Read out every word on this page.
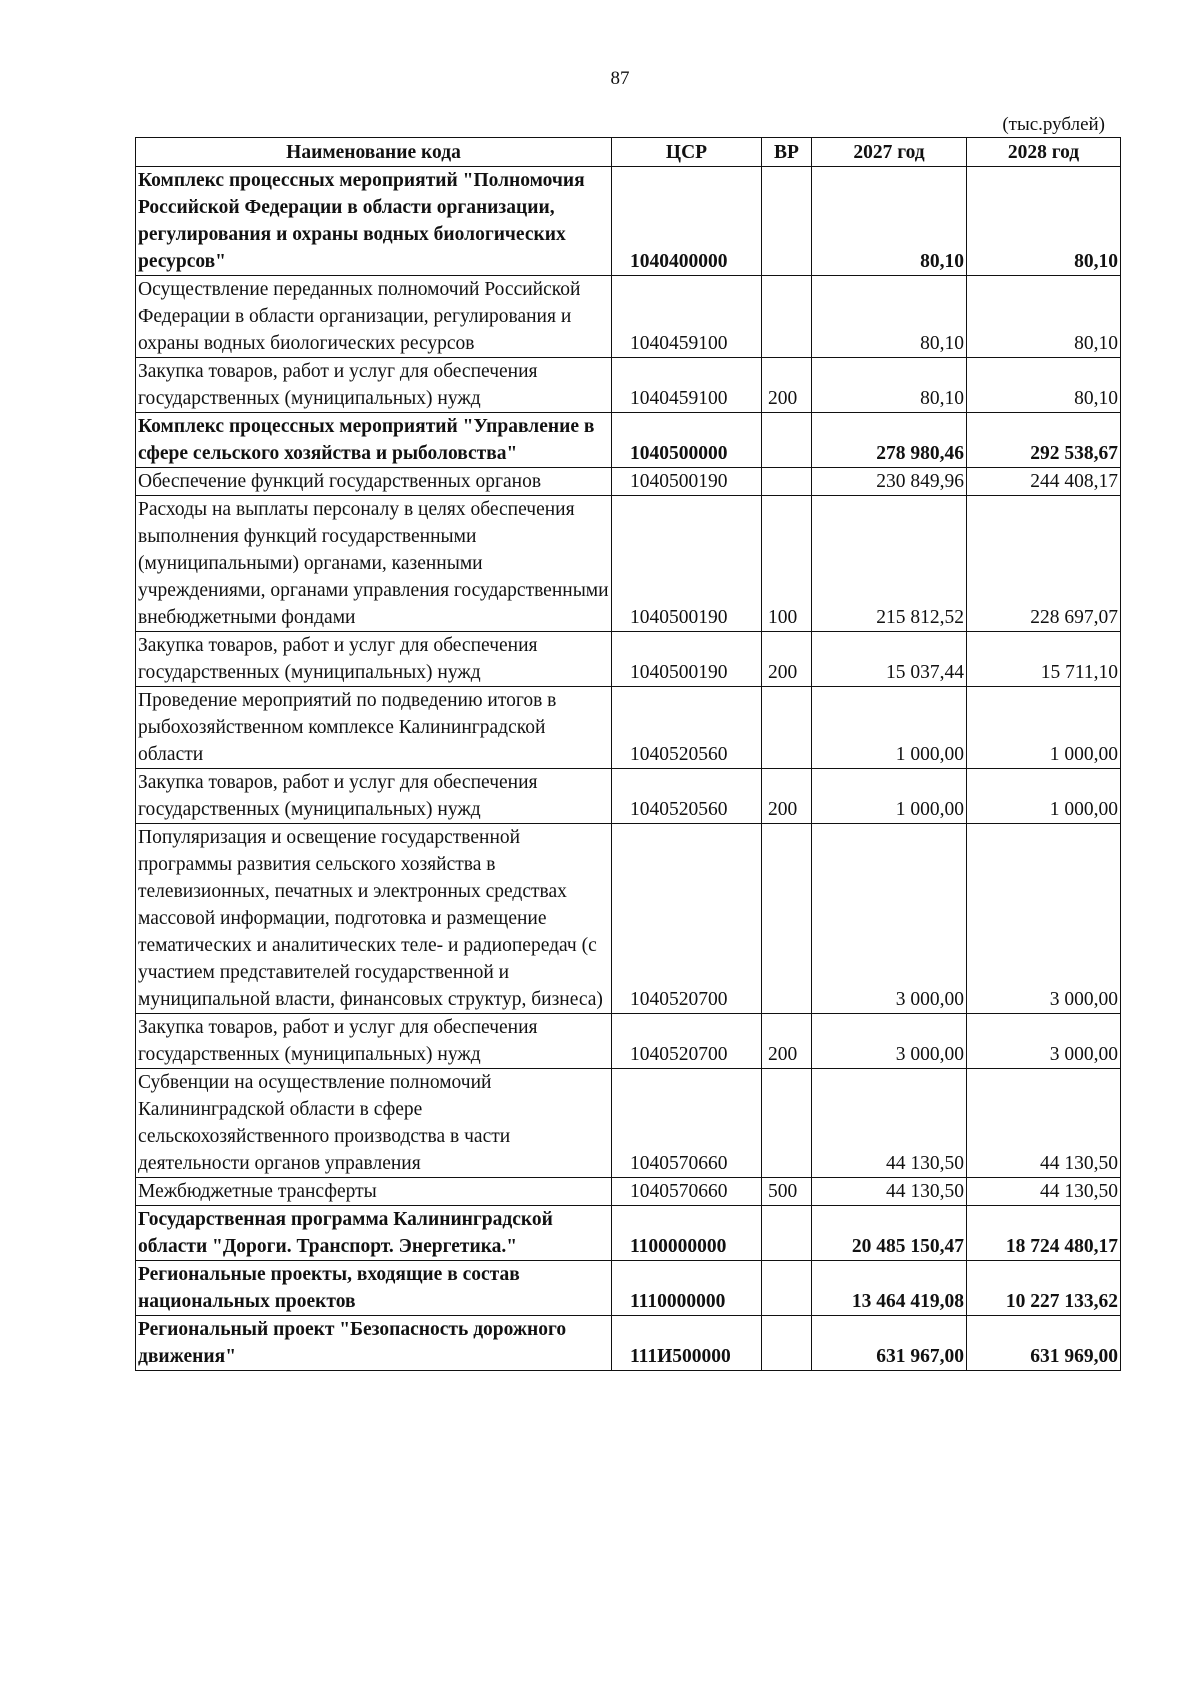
87
(тыс.рублей)
Наименование кода	ЦСР	ВР	2027 год	2028 год
Комплекс процессных мероприятий "Полномочия Российской Федерации в области организации, регулирования и охраны водных биологических ресурсов"	1040400000		80,10	80,10
Осуществление переданных полномочий Российской Федерации в области организации, регулирования и охраны водных биологических ресурсов	1040459100		80,10	80,10
Закупка товаров, работ и услуг для обеспечения государственных (муниципальных) нужд	1040459100	200	80,10	80,10
Комплекс процессных мероприятий "Управление в сфере сельского хозяйства и рыболовства"	1040500000		278 980,46	292 538,67
Обеспечение функций государственных органов	1040500190		230 849,96	244 408,17
Расходы на выплаты персоналу в целях обеспечения выполнения функций государственными (муниципальными) органами, казенными учреждениями, органами управления государственными внебюджетными фондами	1040500190	100	215 812,52	228 697,07
Закупка товаров, работ и услуг для обеспечения государственных (муниципальных) нужд	1040500190	200	15 037,44	15 711,10
Проведение мероприятий по подведению итогов в рыбохозяйственном комплексе Калининградской области	1040520560		1 000,00	1 000,00
Закупка товаров, работ и услуг для обеспечения государственных (муниципальных) нужд	1040520560	200	1 000,00	1 000,00
Популяризация и освещение государственной программы развития сельского хозяйства в телевизионных, печатных и электронных средствах массовой информации, подготовка и размещение тематических и аналитических теле- и радиопередач (с участием представителей государственной и муниципальной власти, финансовых структур, бизнеса)	1040520700		3 000,00	3 000,00
Закупка товаров, работ и услуг для обеспечения государственных (муниципальных) нужд	1040520700	200	3 000,00	3 000,00
Субвенции на осуществление полномочий Калининградской области в сфере сельскохозяйственного производства в части деятельности органов управления	1040570660		44 130,50	44 130,50
Межбюджетные трансферты	1040570660	500	44 130,50	44 130,50
Государственная программа Калининградской области "Дороги. Транспорт. Энергетика."	1100000000		20 485 150,47	18 724 480,17
Региональные проекты, входящие в состав национальных проектов	1110000000		13 464 419,08	10 227 133,62
Региональный проект "Безопасность дорожного движения"	111И500000		631 967,00	631 969,00
